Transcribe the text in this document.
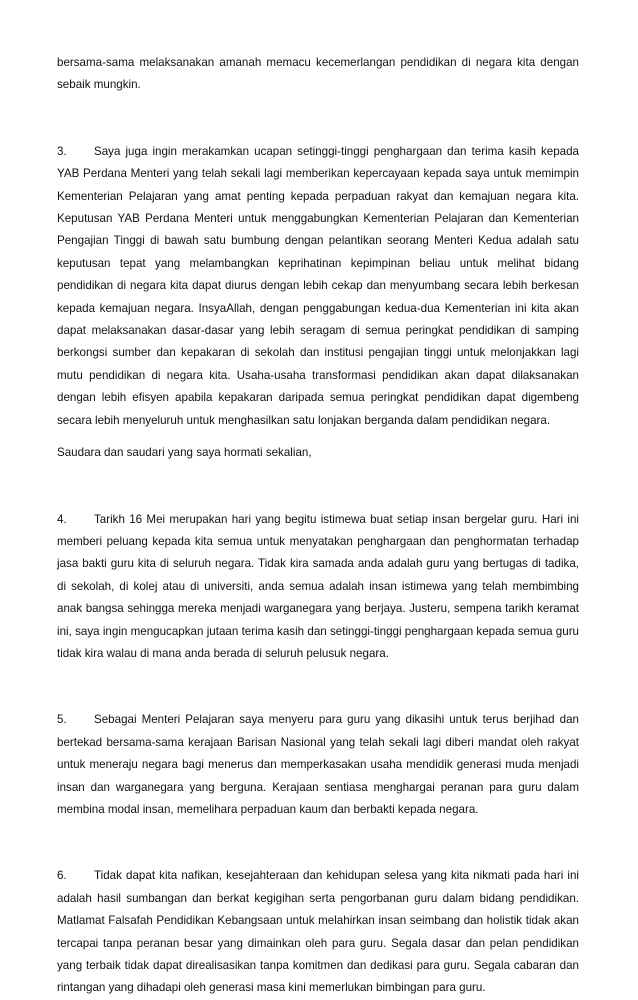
bersama-sama melaksanakan amanah memacu kecemerlangan pendidikan di negara kita dengan sebaik mungkin.

3. Saya juga ingin merakamkan ucapan setinggi-tinggi penghargaan dan terima kasih kepada YAB Perdana Menteri yang telah sekali lagi memberikan kepercayaan kepada saya untuk memimpin Kementerian Pelajaran yang amat penting kepada perpaduan rakyat dan kemajuan negara kita. Keputusan YAB Perdana Menteri untuk menggabungkan Kementerian Pelajaran dan Kementerian Pengajian Tinggi di bawah satu bumbung dengan pelantikan seorang Menteri Kedua adalah satu keputusan tepat yang melambangkan keprihatinan kepimpinan beliau untuk melihat bidang pendidikan di negara kita dapat diurus dengan lebih cekap dan menyumbang secara lebih berkesan kepada kemajuan negara. InsyaAllah, dengan penggabungan kedua-dua Kementerian ini kita akan dapat melaksanakan dasar-dasar yang lebih seragam di semua peringkat pendidikan di samping berkongsi sumber dan kepakaran di sekolah dan institusi pengajian tinggi untuk melonjakkan lagi mutu pendidikan di negara kita. Usaha-usaha transformasi pendidikan akan dapat dilaksanakan dengan lebih efisyen apabila kepakaran daripada semua peringkat pendidikan dapat digembeng secara lebih menyeluruh untuk menghasilkan satu lonjakan berganda dalam pendidikan negara.

Saudara dan saudari yang saya hormati sekalian,

4. Tarikh 16 Mei merupakan hari yang begitu istimewa buat setiap insan bergelar guru. Hari ini memberi peluang kepada kita semua untuk menyatakan penghargaan dan penghormatan terhadap jasa bakti guru kita di seluruh negara. Tidak kira samada anda adalah guru yang bertugas di tadika, di sekolah, di kolej atau di universiti, anda semua adalah insan istimewa yang telah membimbing anak bangsa sehingga mereka menjadi warganegara yang berjaya. Justeru, sempena tarikh keramat ini, saya ingin mengucapkan jutaan terima kasih dan setinggi-tinggi penghargaan kepada semua guru tidak kira walau di mana anda berada di seluruh pelusuk negara.

5. Sebagai Menteri Pelajaran saya menyeru para guru yang dikasihi untuk terus berjihad dan bertekad bersama-sama kerajaan Barisan Nasional yang telah sekali lagi diberi mandat oleh rakyat untuk meneraju negara bagi menerus dan memperkasakan usaha mendidik generasi muda menjadi insan dan warganegara yang berguna. Kerajaan sentiasa menghargai peranan para guru dalam membina modal insan, memelihara perpaduan kaum dan berbakti kepada negara.

6. Tidak dapat kita nafikan, kesejahteraan dan kehidupan selesa yang kita nikmati pada hari ini adalah hasil sumbangan dan berkat kegigihan serta pengorbanan guru dalam bidang pendidikan. Matlamat Falsafah Pendidikan Kebangsaan untuk melahirkan insan seimbang dan holistik tidak akan tercapai tanpa peranan besar yang dimainkan oleh para guru. Segala dasar dan pelan pendidikan yang terbaik tidak dapat direalisasikan tanpa komitmen dan dedikasi para guru. Segala cabaran dan rintangan yang dihadapi oleh generasi masa kini memerlukan bimbingan para guru.
